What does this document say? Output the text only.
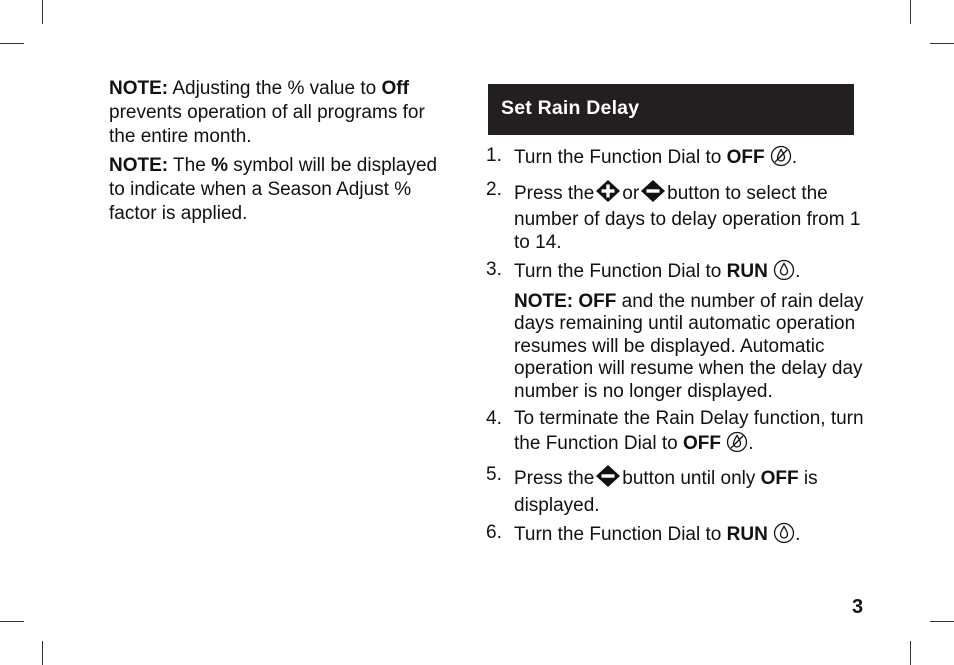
NOTE: Adjusting the % value to Off prevents operation of all programs for the entire month.

NOTE: The % symbol will be displayed to indicate when a Season Adjust % factor is applied.

Set Rain Delay
1. Turn the Function Dial to OFF .
2. Press the or button to select the number of days to delay operation from 1 to 14.
3. Turn the Function Dial to RUN .
NOTE: OFF and the number of rain delay days remaining until automatic operation resumes will be displayed. Automatic operation will resume when the delay day number is no longer displayed.
4. To terminate the Rain Delay function, turn the Function Dial to OFF .
5. Press the button until only OFF is displayed.
6. Turn the Function Dial to RUN .
3
